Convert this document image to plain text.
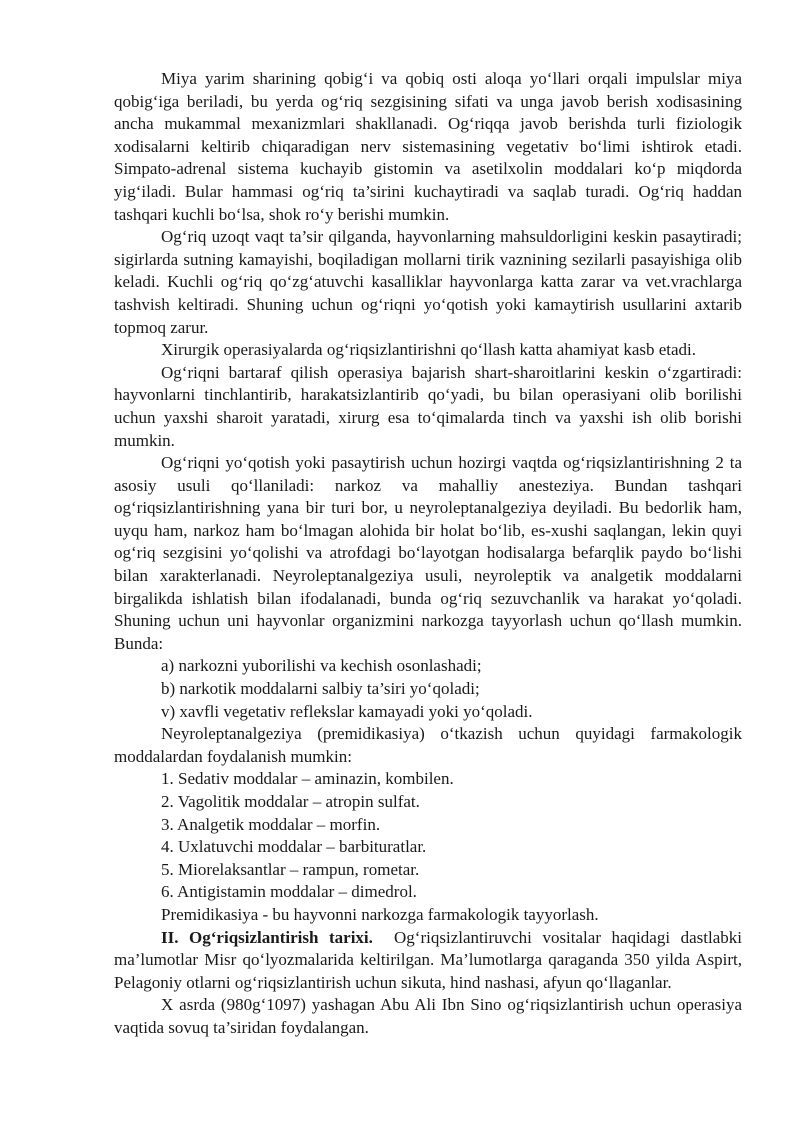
Miya yarim sharining qobig‘i va qobiq osti aloqa yo‘llari orqali impulslar miya qobig‘iga beriladi, bu yerda og‘riq sezgisining sifati va unga javob berish xodisasining ancha mukammal mexanizmlari shakllanadi. Og‘riqqa javob berishda turli fiziologik xodisalarni keltirib chiqaradigan nerv sistemasining vegetativ bo‘limi ishtirok etadi. Simpato-adrenal sistema kuchayib gistomin va asetilxolin moddalari ko‘p miqdorda yig‘iladi. Bular hammasi og‘riq ta’sirini kuchaytiradi va saqlab turadi. Og‘riq haddan tashqari kuchli bo‘lsa, shok ro‘y berishi mumkin.

Og‘riq uzoqt vaqt ta’sir qilganda, hayvonlarning mahsuldorligini keskin pasaytiradi; sigirlarda sutning kamayishi, boqiladigan mollarni tirik vaznining sezilarli pasayishiga olib keladi. Kuchli og‘riq qo‘zg‘atuvchi kasalliklar hayvonlarga katta zarar va vet.vrachlarga tashvish keltiradi. Shuning uchun og‘riqni yo‘qotish yoki kamaytirish usullarini axtarib topmoq zarur.

Xirurgik operasiyalarda og‘riqsizlantirishni qo‘llash katta ahamiyat kasb etadi.

Og‘riqni bartaraf qilish operasiya bajarish shart-sharoitlarini keskin o‘zgartiradi: hayvonlarni tinchlantirib, harakatsizlantirib qo‘yadi, bu bilan operasiyani olib borilishi uchun yaxshi sharoit yaratadi, xirurg esa to‘qimalarda tinch va yaxshi ish olib borishi mumkin.

Og‘riqni yo‘qotish yoki pasaytirish uchun hozirgi vaqtda og‘riqsizlantirishning 2 ta asosiy usuli qo‘llaniladi: narkoz va mahalliy anesteziya. Bundan tashqari og‘riqsizlantirishning yana bir turi bor, u neyroleptanalgeziya deyiladi. Bu bedorlik ham, uyqu ham, narkoz ham bo‘lmagan alohida bir holat bo‘lib, es-xushi saqlangan, lekin quyi og‘riq sezgisini yo‘qolishi va atrofdagi bo‘layotgan hodisalarga befarqlik paydo bo‘lishi bilan xarakterlanadi. Neyroleptanalgeziya usuli, neyroleptik va analgetik moddalarni birgalikda ishlatish bilan ifodalanadi, bunda og‘riq sezuvchanlik va harakat yo‘qoladi. Shuning uchun uni hayvonlar organizmini narkozga tayyorlash uchun qo‘llash mumkin. Bunda:

a) narkozni yuborilishi va kechish osonlashadi;

b) narkotik moddalarni salbiy ta’siri yo‘qoladi;

v) xavfli vegetativ reflekslar kamayadi yoki yo‘qoladi.

Neyroleptanalgeziya (premidikasiya) o‘tkazish uchun quyidagi farmakologik moddalardan foydalanish mumkin:

1. Sedativ moddalar – aminazin, kombilen.

2. Vagolitik moddalar – atropin sulfat.

3. Analgetik moddalar – morfin.

4. Uxlatuvchi moddalar – barbituratlar.

5. Miorelaksantlar – rampun, rometar.

6. Antigistamin moddalar – dimedrol.

Premidikasiya - bu hayvonni narkozga farmakologik tayyorlash.

II. Og‘riqsizlantirish tarixi. Og‘riqsizlantiruvchi vositalar haqidagi dastlabki ma’lumotlar Misr qo‘lyozmalarida keltirilgan. Ma’lumotlarga qaraganda 350 yilda Aspirt, Pelagoniy otlarni og‘riqsizlantirish uchun sikuta, hind nashasi, afyun qo‘llaganlar.

X asrda (980g‘1097) yashagan Abu Ali Ibn Sino og‘riqsizlantirish uchun operasiya vaqtida sovuq ta’siridan foydalangan.
